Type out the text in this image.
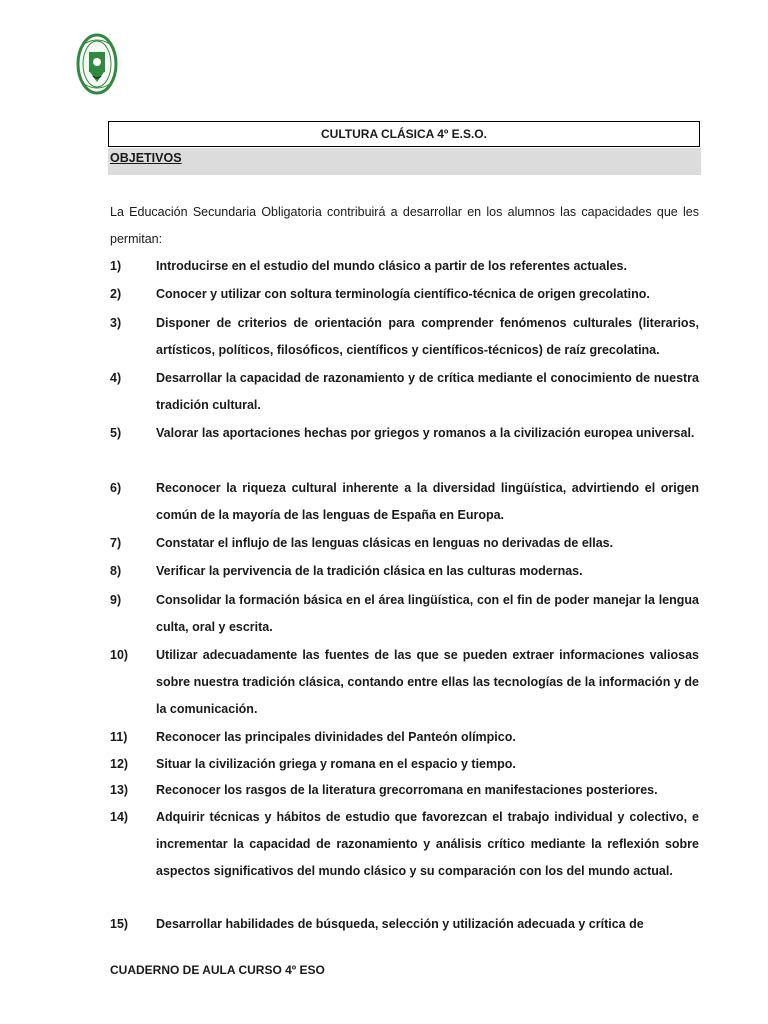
CULTURA CLÁSICA 4º E.S.O.
OBJETIVOS
La Educación Secundaria Obligatoria contribuirá a desarrollar en los alumnos las capacidades que les permitan:
1)	Introducirse en el estudio del mundo clásico a partir de los referentes actuales.
2)	Conocer y utilizar con soltura terminología científico-técnica de origen grecolatino.
3)	Disponer de criterios de orientación para comprender fenómenos culturales (literarios, artísticos, políticos, filosóficos, científicos y científicos-técnicos) de raíz grecolatina.
4)	Desarrollar la capacidad de razonamiento y de crítica mediante el conocimiento de nuestra tradición cultural.
5)	Valorar las aportaciones hechas por griegos y romanos a la civilización europea universal.
6)	Reconocer la riqueza cultural inherente a la diversidad lingüística, advirtiendo el origen común de la mayoría de las lenguas de España en Europa.
7)	Constatar el influjo de las lenguas clásicas en lenguas no derivadas de ellas.
8)	Verificar la pervivencia de la tradición clásica en las culturas modernas.
9)	Consolidar la formación básica en el área lingüística, con el fin de poder manejar la lengua culta, oral y escrita.
10) Utilizar adecuadamente las fuentes de las que se pueden extraer informaciones valiosas sobre nuestra tradición clásica, contando entre ellas las tecnologías de la información y de la comunicación.
11) Reconocer las principales divinidades del Panteón olímpico.
12) Situar la civilización griega y romana en el espacio y tiempo.
13) Reconocer los rasgos de la literatura grecorromana en manifestaciones posteriores.
14) Adquirir técnicas y hábitos de estudio que favorezcan el trabajo individual y colectivo, e incrementar la capacidad de razonamiento y análisis crítico mediante la reflexión sobre aspectos significativos del mundo clásico y su comparación con los del mundo actual.
15) Desarrollar habilidades de búsqueda, selección y utilización adecuada y crítica de
CUADERNO DE AULA CURSO 4º ESO
